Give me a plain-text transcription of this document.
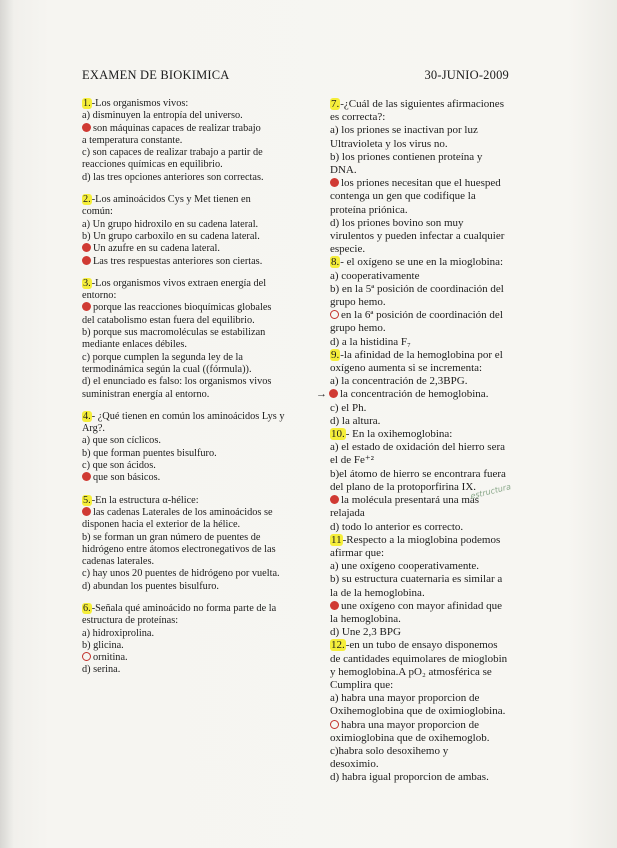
EXAMEN DE BIOKIMICA	30-JUNIO-2009
1.-Los organismos vivos:
a) disminuyen la entropía del universo.
son máquinas capaces de realizar trabajo
a temperatura constante.
c) son capaces de realizar trabajo a partir de
reacciones químicas en equilibrio.
d) las tres opciones anteriores son correctas.
2.-Los aminoácidos Cys y Met tienen en
común:
a) Un grupo hidroxilo en su cadena lateral.
b) Un grupo carboxilo en su cadena lateral.
Un azufre en su cadena lateral.
Las tres respuestas anteriores son ciertas.
3.-Los organismos vivos extraen energía del
entorno:
porque las reacciones bioquímicas globales
del catabolismo estan fuera del equilibrio.
b) porque sus macromoléculas se estabilizan
mediante enlaces débiles.
c) porque cumplen la segunda ley de la
termodinámica según la cual ((fórmula)).
d) el enunciado es falso: los organismos vivos
suministran energía al entorno.
4.- ¿Qué tienen en común los aminoácidos Lys y
Arg?.
a) que son cíclicos.
b) que forman puentes bisulfuro.
c) que son ácidos.
que son básicos.
5.-En la estructura α-hélice:
las cadenas Laterales de los aminoácidos se
disponen hacia el exterior de la hélice.
b) se forman un gran número de puentes de
hidrógeno entre átomos electronegativos de las
cadenas laterales.
c) hay unos 20 puentes de hidrógeno por vuelta.
d) abundan los puentes bisulfuro.
6.-Señala qué aminoácido no forma parte de la
estructura de proteínas:
a) hidroxiprolina.
b) glicina.
ornitina.
d) serina.
7.-¿Cuál de las siguientes afirmaciones
es correcta?:
a) los priones se inactivan por luz
Ultravioleta y los virus no.
b) los priones contienen proteína y
DNA.
los priones necesitan que el huesped
contenga un gen que codifique la
proteína priónica.
d) los priones bovino son muy
virulentos y pueden infectar a cualquier
especie.
8.- el oxígeno se une en la mioglobina:
a) cooperativamente
b) en la 5ª posición de coordinación del
grupo hemo.
en la 6ª posición de coordinación del
grupo hemo.
d) a la histidina F₇
9.-la afinidad de la hemoglobina por el
oxígeno aumenta si se incrementa:
a) la concentración de 2,3BPG.
→ la concentración de hemoglobina.
c) el Ph.
d) la altura.
10.- En la oxihemoglobina:
a) el estado de oxidación del hierro sera
el de Fe⁺²
b)el átomo de hierro se encontrara fuera
del plano de la protoporfirina IX.
la molécula presentará una mas
relajada
d) todo lo anterior es correcto.
11-Respecto a la mioglobina podemos
afirmar que:
a) une oxígeno cooperativamente.
b) su estructura cuaternaria es similar a
la de la hemoglobina.
une oxígeno con mayor afinidad que
la hemoglobina.
d) Une 2,3 BPG
12.-en un tubo de ensayo disponemos
de cantidades equimolares de mioglobin
y hemoglobina.A pO₂ atmosférica se
Cumplira que:
a) habra una mayor proporcion de
Oxihemoglobina que de oximioglobina.
habra una mayor proporcion de
oximioglobina que de oxihemoglob.
c)habra solo desoxihemo y
desoximio.
d) habra igual proporcion de ambas.
estructura
